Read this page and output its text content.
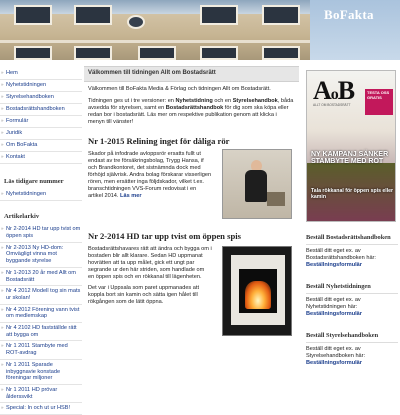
BoFakta
» Hem
» Nyhetstidningen
» Styrelsehandboken
» Bostadsrättshandboken
» Formulär
» Juridik
» Om BoFakta
» Kontakt
Läs tidigare nummer
» Nyhetstidningen
Artikelarkiv
» Nr 2-2014 HD tar upp tvist om öppen spis
» Nr 2-2013 Ny HD-dom: Omvägligt vinna mot byggande styrelse
» Nr 1-2013 20 år med Allt om Bostadsrätt
» Nr 4 2012 Modell tog sin mats ur skolan!
» Nr 4 2012 Förening vann tvist om medlemskap
» Nr 4 2102 HD fastställde rätt att bygga om
» Nr 1 2011 Stambyte med ROT-avdrag
» Nr 1 2011 Sparade inbyggnavie konstade föreningar miljoner
» Nr 1 2011 HD prövar ålderssvikt
» Special: In och ut ur HSB!
Välkommen till tidningen Allt om Bostadsrätt
Välkommen till BoFakta Media & Förlag och tidningen Allt om Bostadsrätt.
Tidningen ges ut i tre versioner: en Nyhetstidning och en Styrelsehandbok, båda avsedda för styrelsen, samt en Bostadsrättshandbok för dig som ska köpa eller redan bor i bostadsrätt. Läs mer om respektive publikation genom att klicka i menyn till vänster!
Nr 1-2015 Relining inget för dåliga rör
Skador på infodrade avloppsrör ersatts fullt ut endast av tre försäkringsbolag, Trygg Hansa, if och Brandkontoret, det sistnämnda dock med förhöjd självrisk. Andra bolag förskarar visserligen rören, men ersätter inga följdskador, vilket t.ex. branschtidningen VVS-Forum redovisat i en artikel 2014. Läs mer
Nr 2-2014 HD tar upp tvist om öppen spis
Bostadsrättshavares rätt att ändra och bygga om i bostaden blir allt klarare. Sedan HD uppmanat hovrätten att ta upp målet, gick ett ungt par segrande ur den här striden, som handlade om en öppen spis och en rökkanal till lägenheten.
Det var i Uppsala som paret uppmanades att koppla bort sin kamin och sätta igen hålet till rökgången som de lätit öppna.
AoB
ALLT OM BOSTADSRÄTT
TESTA OSS GRATIS
NY KAMPANJ SÄNKER STAMBYTE MED ROT
Tala rökkanal för öppen spis eller kamin
Beställ Bostadsrättshandboken
Beställ ditt eget ex. av Bostadsrättshandboken här:
Beställningsformulär
Beställ Nyhetstidningen
Beställ ditt eget ex. av Nyhetstidningen här:
Beställningsformulär
Beställ Styrelsehandboken
Beställ ditt eget ex. av Styrelsehandboken här:
Beställningsformulär
